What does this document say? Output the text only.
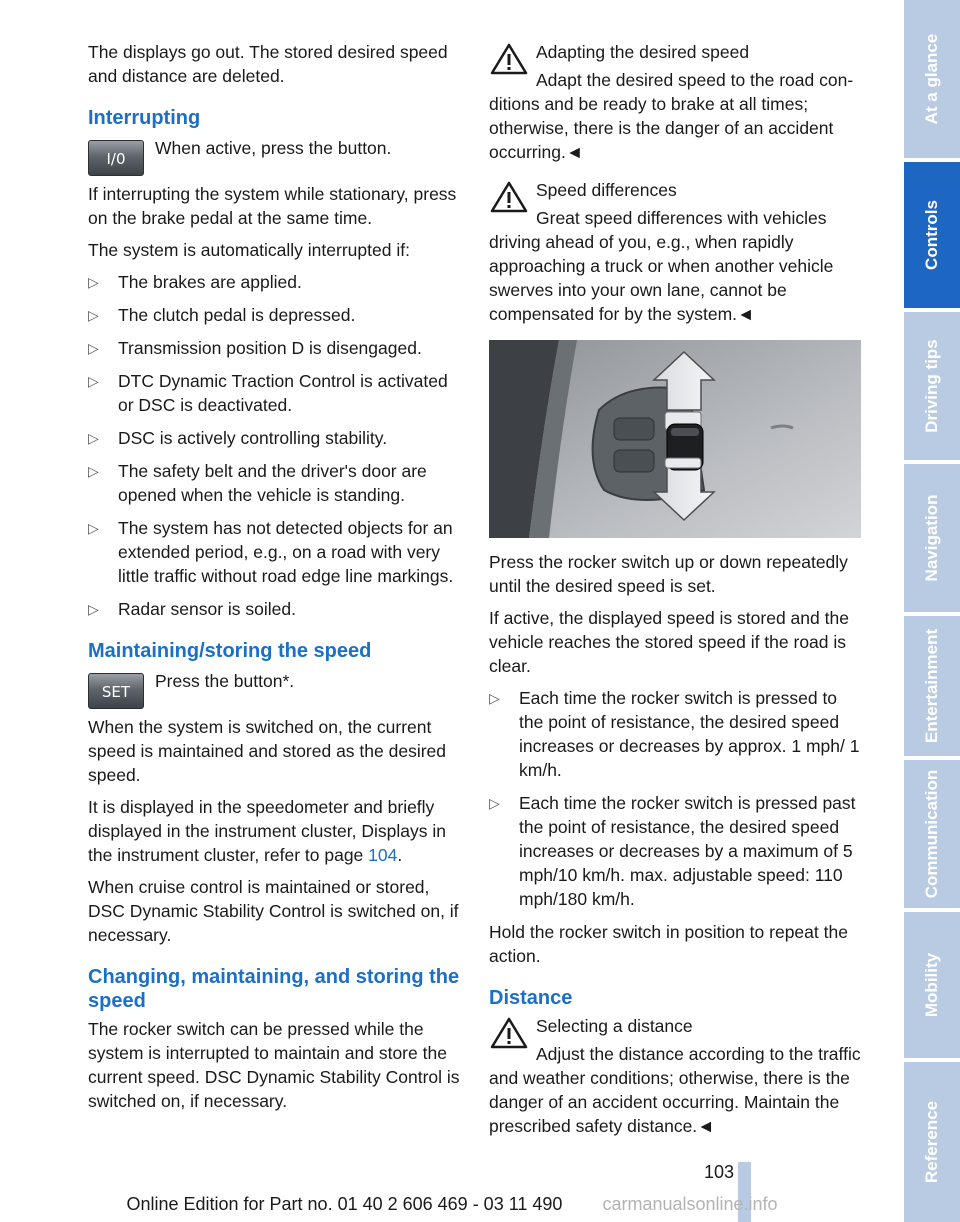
The displays go out. The stored desired speed and distance are deleted.

Interrupting
I/0
When active, press the button.

If interrupting the system while stationary, press on the brake pedal at the same time.

The system is automatically interrupted if:

▷ The brakes are applied.
▷ The clutch pedal is depressed.
▷ Transmission position D is disengaged.
▷ DTC Dynamic Traction Control is activated or DSC is deactivated.
▷ DSC is actively controlling stability.
▷ The safety belt and the driver's door are opened when the vehicle is standing.
▷ The system has not detected objects for an extended period, e.g., on a road with very little traffic without road edge line markings.
▷ Radar sensor is soiled.
Maintaining/storing the speed
SET
Press the button*.

When the system is switched on, the current speed is maintained and stored as the desired speed.

It is displayed in the speedometer and briefly displayed in the instrument cluster, Displays in the instrument cluster, refer to page 104.

When cruise control is maintained or stored, DSC Dynamic Stability Control is switched on, if necessary.

Changing, maintaining, and storing the speed

The rocker switch can be pressed while the system is interrupted to maintain and store the current speed. DSC Dynamic Stability Control is switched on, if necessary.

Adapting the desired speed
Adapt the desired speed to the road con-
ditions and be ready to brake at all times; otherwise, there is the danger of an accident occurring.◄
Speed differences
Great speed differences with vehicles
driving ahead of you, e.g., when rapidly approaching a truck or when another vehicle swerves into your own lane, cannot be compensated for by the system.◄

Press the rocker switch up or down repeatedly until the desired speed is set.

If active, the displayed speed is stored and the vehicle reaches the stored speed if the road is clear.

▷ Each time the rocker switch is pressed to the point of resistance, the desired speed increases or decreases by approx. 1 mph/ 1 km/h.
▷ Each time the rocker switch is pressed past the point of resistance, the desired speed increases or decreases by a maximum of 5 mph/10 km/h. max. adjustable speed: 110 mph/180 km/h.

Hold the rocker switch in position to repeat the action.

Distance
Selecting a distance
Adjust the distance according to the traffic
and weather conditions; otherwise, there is the danger of an accident occurring. Maintain the prescribed safety distance.◄
At a glance
Controls
Driving tips
Navigation
Entertainment
Communication
Mobility
Reference
103
Online Edition for Part no. 01 40 2 606 469 - 03 11 490 carmanualsonline.info
